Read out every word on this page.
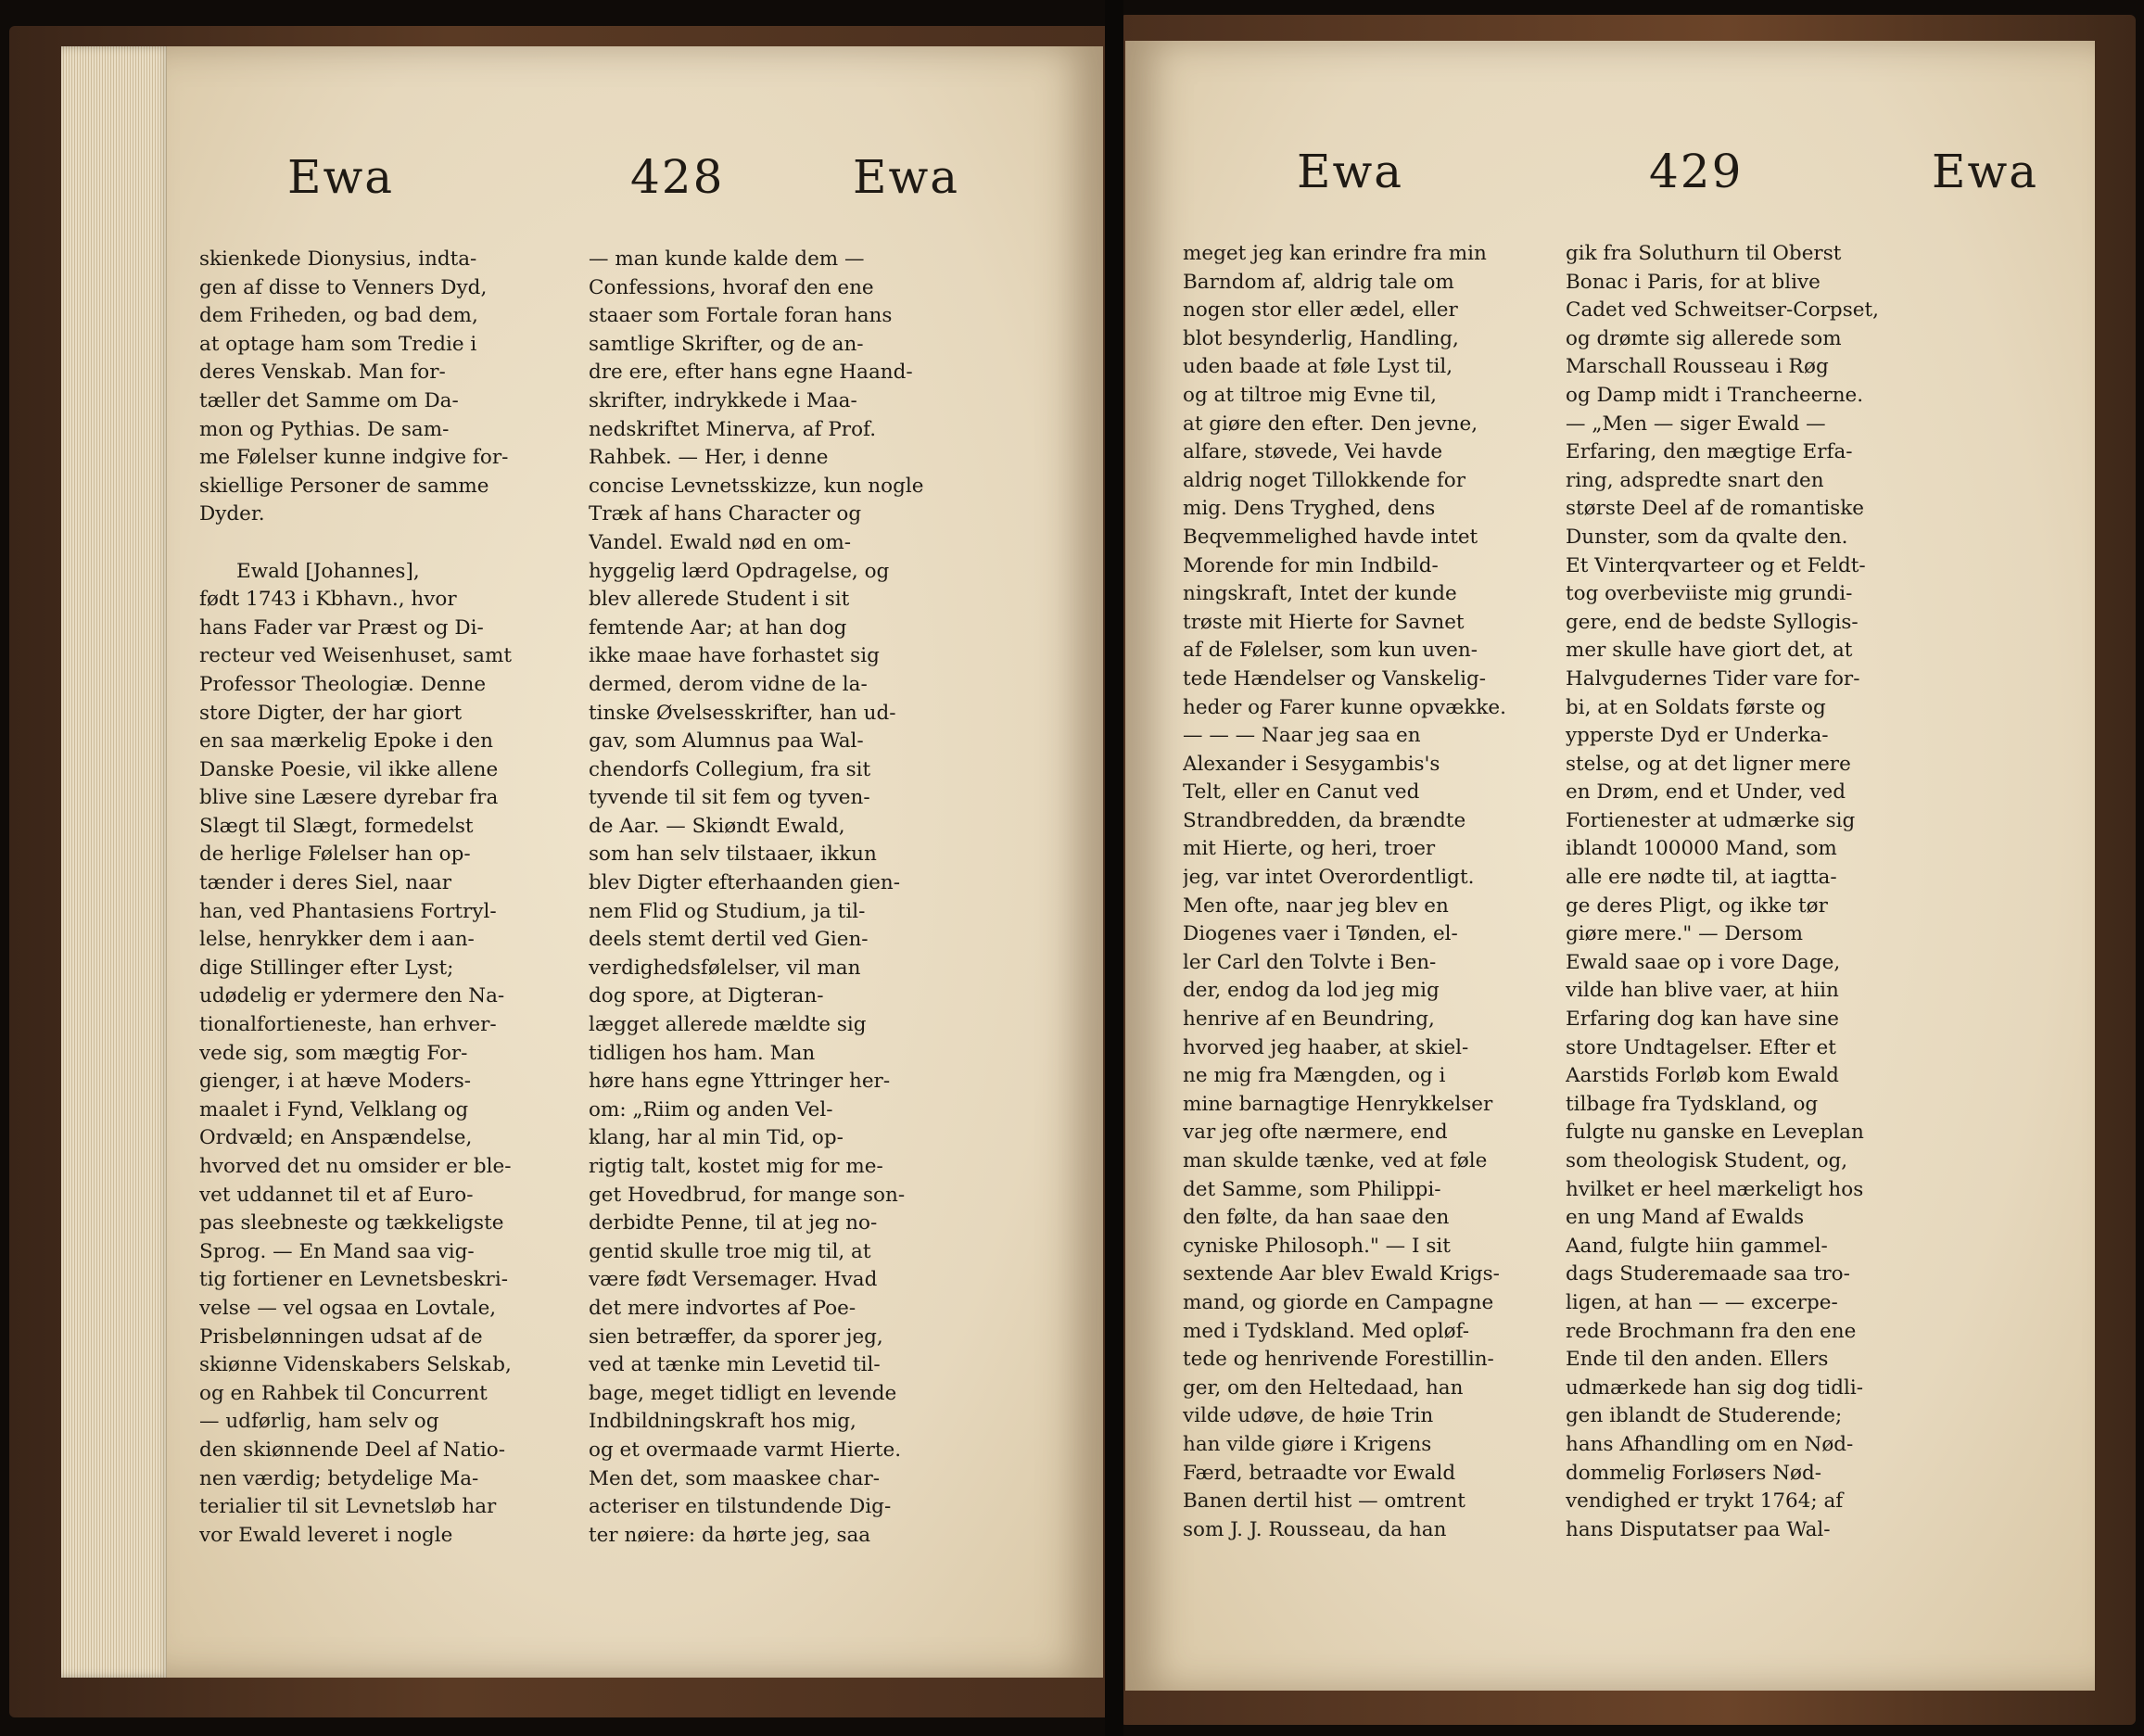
Ewa	428	Ewa
skienkede Dionysius, indta-
gen af disse to Venners Dyd,
dem Friheden, og bad dem,
at optage ham som Tredie i
deres Venskab. Man for-
tæller det Samme om Da-
mon og Pythias. De sam-
me Følelser kunne indgive for-
skiellige Personer de samme
Dyder.
Ewald [Johannes],
født 1743 i Kbhavn., hvor
hans Fader var Præst og Di-
recteur ved Weisenhuset, samt
Professor Theologiæ. Denne
store Digter, der har giort
en saa mærkelig Epoke i den
Danske Poesie, vil ikke allene
blive sine Læsere dyrebar fra
Slægt til Slægt, formedelst
de herlige Følelser han op-
tænder i deres Siel, naar
han, ved Phantasiens Fortryl-
lelse, henrykker dem i aan-
dige Stillinger efter Lyst;
udødelig er ydermere den Na-
tionalfortieneste, han erhver-
vede sig, som mægtig For-
gienger, i at hæve Moders-
maalet i Fynd, Velklang og
Ordvæld; en Anspændelse,
hvorved det nu omsider er ble-
vet uddannet til et af Euro-
pas sleebneste og tækkeligste
Sprog. — En Mand saa vig-
tig fortiener en Levnetsbeskri-
velse — vel ogsaa en Lovtale,
Prisbelønningen udsat af de
skiønne Videnskabers Selskab,
og en Rahbek til Concurrent
— udførlig, ham selv og
den skiønnende Deel af Natio-
nen værdig; betydelige Ma-
terialier til sit Levnetsløb har
vor Ewald leveret i nogle
— man kunde kalde dem —
Confessions, hvoraf den ene
staaer som Fortale foran hans
samtlige Skrifter, og de an-
dre ere, efter hans egne Haand-
skrifter, indrykkede i Maa-
nedskriftet Minerva, af Prof.
Rahbek. — Her, i denne
concise Levnetsskizze, kun nogle
Træk af hans Character og
Vandel. Ewald nød en om-
hyggelig lærd Opdragelse, og
blev allerede Student i sit
femtende Aar; at han dog
ikke maae have forhastet sig
dermed, derom vidne de la-
tinske Øvelsesskrifter, han ud-
gav, som Alumnus paa Wal-
chendorfs Collegium, fra sit
tyvende til sit fem og tyven-
de Aar. — Skiøndt Ewald,
som han selv tilstaaer, ikkun
blev Digter efterhaanden gien-
nem Flid og Studium, ja til-
deels stemt dertil ved Gien-
verdighedsfølelser, vil man
dog spore, at Digteran-
lægget allerede mældte sig
tidligen hos ham. Man
høre hans egne Yttringer her-
om: „Riim og anden Vel-
klang, har al min Tid, op-
rigtig talt, kostet mig for me-
get Hovedbrud, for mange son-
derbidte Penne, til at jeg no-
gentid skulle troe mig til, at
være født Versemager. Hvad
det mere indvortes af Poe-
sien betræffer, da sporer jeg,
ved at tænke min Levetid til-
bage, meget tidligt en levende
Indbildningskraft hos mig,
og et overmaade varmt Hierte.
Men det, som maaskee char-
acteriser en tilstundende Dig-
ter nøiere: da hørte jeg, saa
Ewa	429	Ewa
meget jeg kan erindre fra min
Barndom af, aldrig tale om
nogen stor eller ædel, eller
blot besynderlig, Handling,
uden baade at føle Lyst til,
og at tiltroe mig Evne til,
at giøre den efter. Den jevne,
alfare, støvede, Vei havde
aldrig noget Tillokkende for
mig. Dens Tryghed, dens
Beqvemmelighed havde intet
Morende for min Indbild-
ningskraft, Intet der kunde
trøste mit Hierte for Savnet
af de Følelser, som kun uven-
tede Hændelser og Vanskelig-
heder og Farer kunne opvække.
— — — Naar jeg saa en
Alexander i Sesygambis's
Telt, eller en Canut ved
Strandbredden, da brændte
mit Hierte, og heri, troer
jeg, var intet Overordentligt.
Men ofte, naar jeg blev en
Diogenes vaer i Tønden, el-
ler Carl den Tolvte i Ben-
der, endog da lod jeg mig
henrive af en Beundring,
hvorved jeg haaber, at skiel-
ne mig fra Mængden, og i
mine barnagtige Henrykkelser
var jeg ofte nærmere, end
man skulde tænke, ved at føle
det Samme, som Philippi-
den følte, da han saae den
cyniske Philosoph." — I sit
sextende Aar blev Ewald Krigs-
mand, og giorde en Campagne
med i Tydskland. Med opløf-
tede og henrivende Forestillin-
ger, om den Heltedaad, han
vilde udøve, de høie Trin
han vilde giøre i Krigens
Færd, betraadte vor Ewald
Banen dertil hist — omtrent
som J. J. Rousseau, da han
gik fra Soluthurn til Oberst
Bonac i Paris, for at blive
Cadet ved Schweitser-Corpset,
og drømte sig allerede som
Marschall Rousseau i Røg
og Damp midt i Trancheerne.
— „Men — siger Ewald —
Erfaring, den mægtige Erfa-
ring, adspredte snart den
største Deel af de romantiske
Dunster, som da qvalte den.
Et Vinterqvarteer og et Feldt-
tog overbeviiste mig grundi-
gere, end de bedste Syllogis-
mer skulle have giort det, at
Halvgudernes Tider vare for-
bi, at en Soldats første og
ypperste Dyd er Underka-
stelse, og at det ligner mere
en Drøm, end et Under, ved
Fortienester at udmærke sig
iblandt 100000 Mand, som
alle ere nødte til, at iagtta-
ge deres Pligt, og ikke tør
giøre mere." — Dersom
Ewald saae op i vore Dage,
vilde han blive vaer, at hiin
Erfaring dog kan have sine
store Undtagelser. Efter et
Aarstids Forløb kom Ewald
tilbage fra Tydskland, og
fulgte nu ganske en Leveplan
som theologisk Student, og,
hvilket er heel mærkeligt hos
en ung Mand af Ewalds
Aand, fulgte hiin gammel-
dags Studeremaade saa tro-
ligen, at han — — excerpe-
rede Brochmann fra den ene
Ende til den anden. Ellers
udmærkede han sig dog tidli-
gen iblandt de Studerende;
hans Afhandling om en Nød-
dommelig Forløsers Nød-
vendighed er trykt 1764; af
hans Disputatser paa Wal-
